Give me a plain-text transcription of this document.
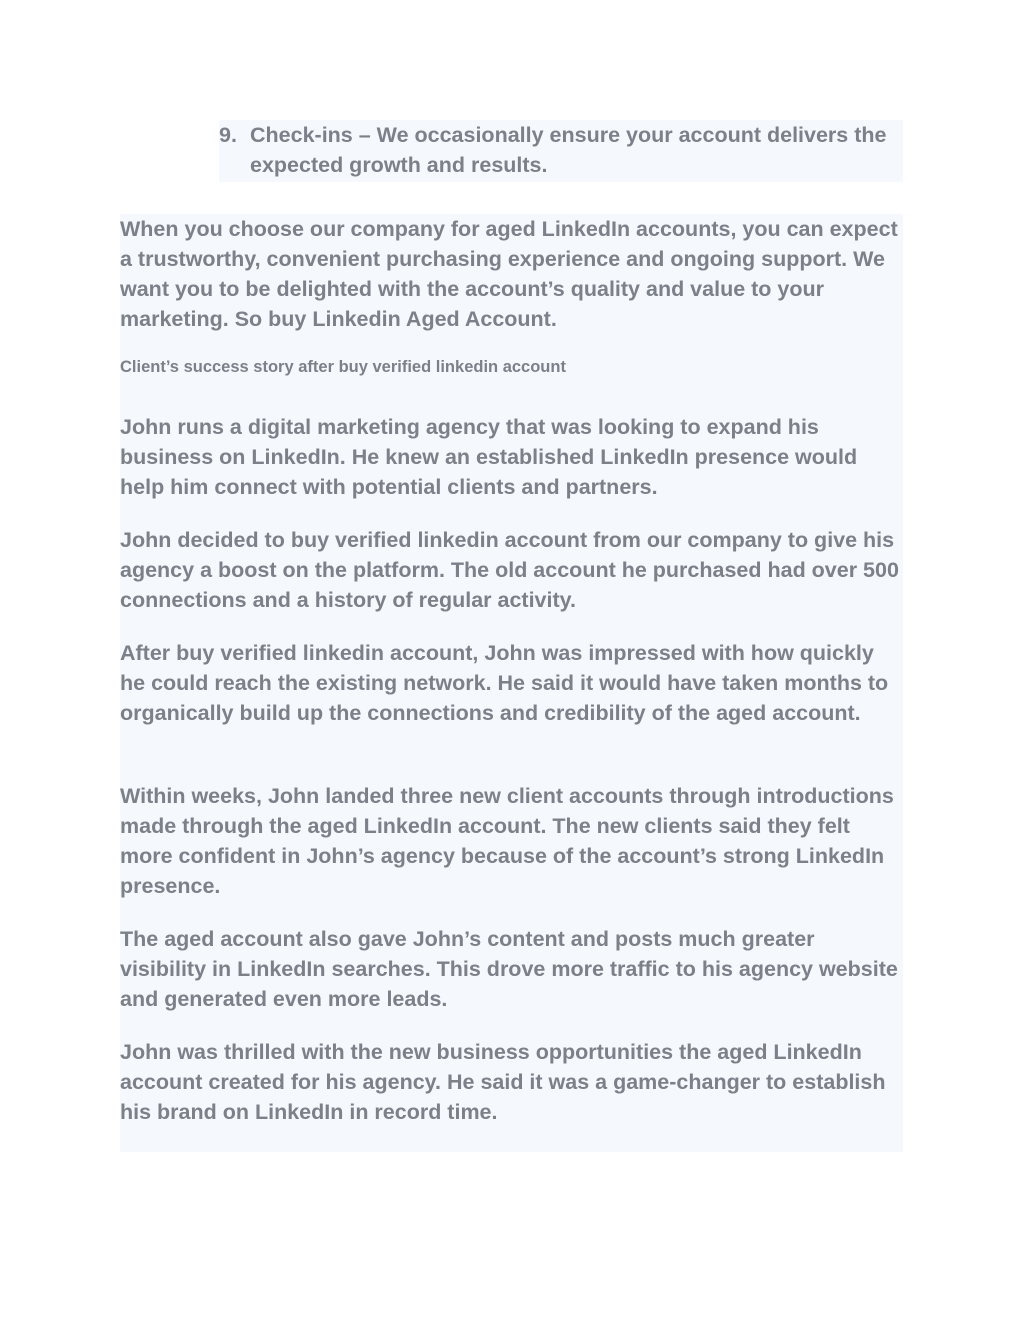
9. Check-ins – We occasionally ensure your account delivers the expected growth and results.

When you choose our company for aged LinkedIn accounts, you can expect a trustworthy, convenient purchasing experience and ongoing support. We want you to be delighted with the account’s quality and value to your marketing. So buy Linkedin Aged Account.

Client’s success story after buy verified linkedin account

John runs a digital marketing agency that was looking to expand his business on LinkedIn. He knew an established LinkedIn presence would help him connect with potential clients and partners.

John decided to buy verified linkedin account from our company to give his agency a boost on the platform. The old account he purchased had over 500 connections and a history of regular activity.

After buy verified linkedin account, John was impressed with how quickly he could reach the existing network. He said it would have taken months to organically build up the connections and credibility of the aged account.

Within weeks, John landed three new client accounts through introductions made through the aged LinkedIn account. The new clients said they felt more confident in John’s agency because of the account’s strong LinkedIn presence.

The aged account also gave John’s content and posts much greater visibility in LinkedIn searches. This drove more traffic to his agency website and generated even more leads.

John was thrilled with the new business opportunities the aged LinkedIn account created for his agency. He said it was a game-changer to establish his brand on LinkedIn in record time.
